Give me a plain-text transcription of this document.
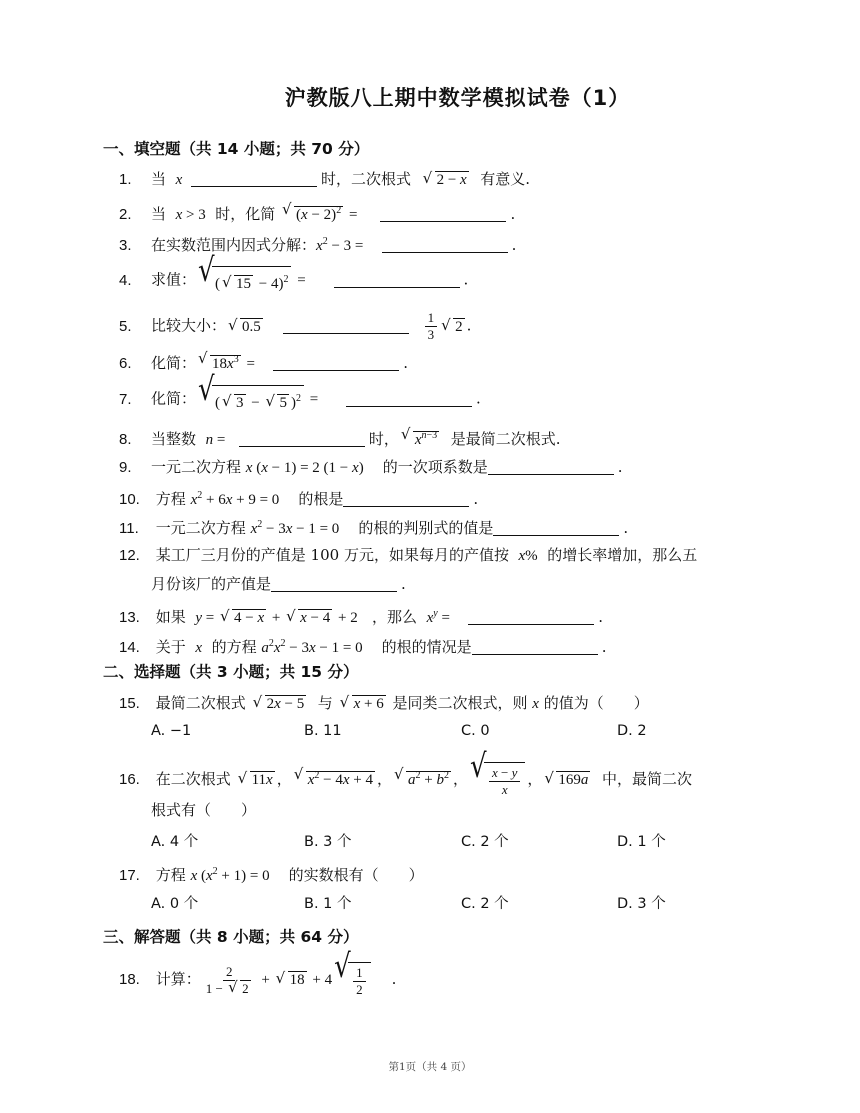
沪教版八上期中数学模拟试卷（1）
一、填空题（共 14 小题；共 70 分）
1. 当 x	时，二次根式 √ 2 − x 有意义.
2. 当 x > 3 时，化简 √ $(x - 2)^2$ =	.
3. 在实数范围内因式分解：$x^2 - 3$ =	.
4. 求值： √ ( √ 15 − 4)$^2$ =	.
5. 比较大小： √ 0.5	$\frac{1}{3}$ √ 2 .
6. 化简： √ $18x^3$ =	.
7. 化简： √ ( √ 3 − √ 5 )$^2$ =	.
8. 当整数 n =	时， √ $x^{n-3}$ 是最简二次根式.
9. 一元二次方程 x (x − 1) = 2 (1 − x) 的一次项系数是	.
10. 方程 $x^2 + 6x + 9 = 0$ 的根是	.
11. 一元二次方程 $x^2 - 3x - 1 = 0$ 的根的判别式的值是	.
12. 某工厂三月份的产值是 100 万元，如果每月的产值按 x% 的增长率增加，那么五
月份该厂的产值是	.
13. 如果 y = √ 4 − x + √ x − 4 + 2 ，那么 $x^y$ =	.
14. 关于 x 的方程 $a^2x^2 - 3x - 1 = 0$ 的根的情况是	.
二、选择题（共 3 小题；共 15 分）
15. 最简二次根式 √ 2x − 5 与 √ x + 6 是同类二次根式，则 x 的值为（　　）
A. −1	B. 11	C. 0	D. 2
16. 在二次根式 √ 11x ， √ $x^2 - 4x + 4$ ， √ $a^2 + b^2$ ， √ $\frac{x - y}{x}$ ， √ 169a 中，最简二次
根式有（　　）
A. 4 个	B. 3 个	C. 2 个	D. 1 个
17. 方程 x $(x^2 + 1) = 0$ 的实数根有（　　）
A. 0 个	B. 1 个	C. 2 个	D. 3 个
三、解答题（共 8 小题；共 64 分）
18. 计算： $\frac{2}{1 - √ 2}$ + √ 18 + 4 √ $\frac{1}{2}$ .
第1页（共 4 页）
